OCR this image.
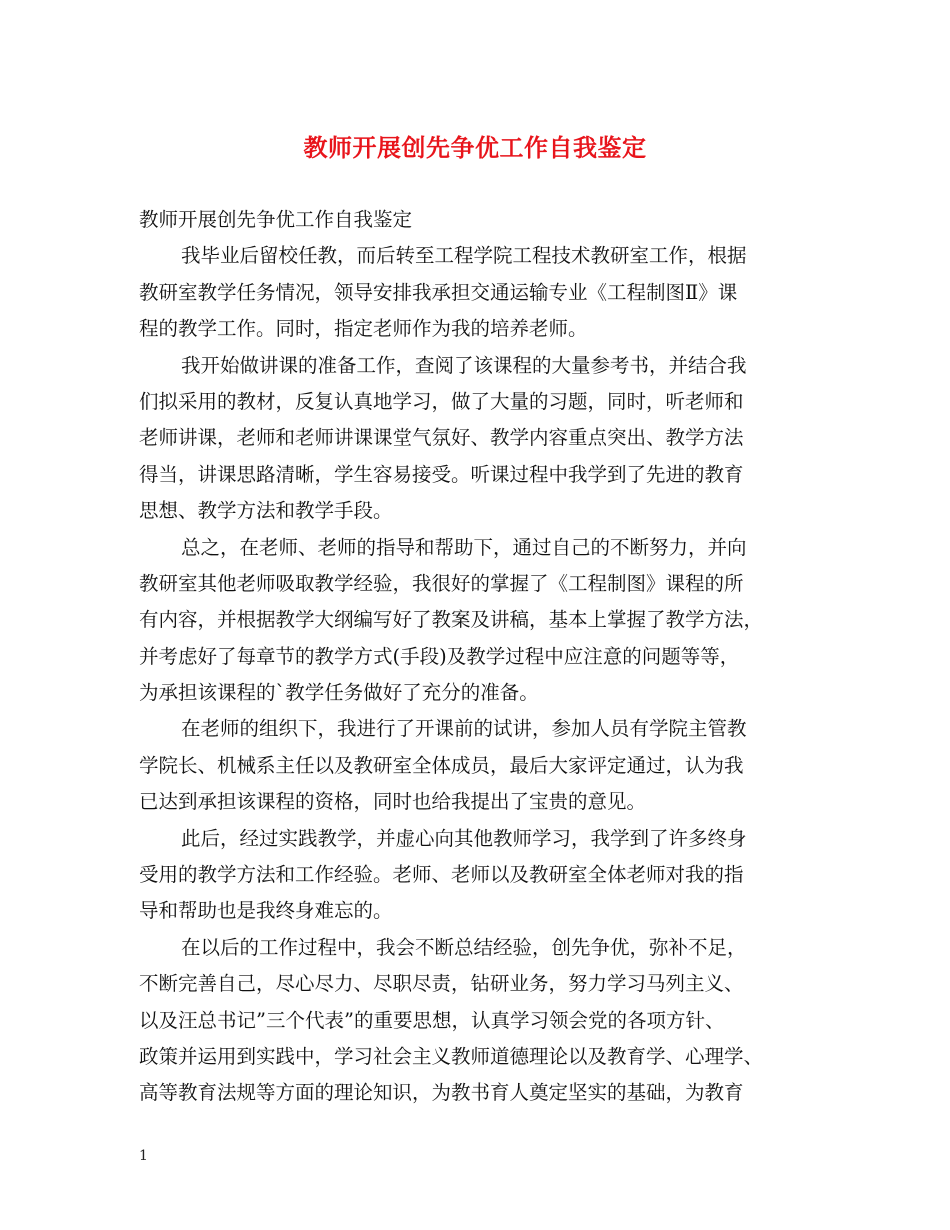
教师开展创先争优工作自我鉴定
教师开展创先争优工作自我鉴定
我毕业后留校任教，而后转至工程学院工程技术教研室工作，根据
教研室教学任务情况，领导安排我承担交通运输专业《工程制图Ⅱ》课
程的教学工作。同时，指定老师作为我的培养老师。
我开始做讲课的准备工作，查阅了该课程的大量参考书，并结合我
们拟采用的教材，反复认真地学习，做了大量的习题，同时，听老师和
老师讲课，老师和老师讲课课堂气氛好、教学内容重点突出、教学方法
得当，讲课思路清晰，学生容易接受。听课过程中我学到了先进的教育
思想、教学方法和教学手段。
总之，在老师、老师的指导和帮助下，通过自己的不断努力，并向
教研室其他老师吸取教学经验，我很好的掌握了《工程制图》课程的所
有内容，并根据教学大纲编写好了教案及讲稿，基本上掌握了教学方法，
并考虑好了每章节的教学方式(手段)及教学过程中应注意的问题等等，
为承担该课程的`教学任务做好了充分的准备。
在老师的组织下，我进行了开课前的试讲，参加人员有学院主管教
学院长、机械系主任以及教研室全体成员，最后大家评定通过，认为我
已达到承担该课程的资格，同时也给我提出了宝贵的意见。
此后，经过实践教学，并虚心向其他教师学习，我学到了许多终身
受用的教学方法和工作经验。老师、老师以及教研室全体老师对我的指
导和帮助也是我终身难忘的。
在以后的工作过程中，我会不断总结经验，创先争优，弥补不足，
不断完善自己，尽心尽力、尽职尽责，钻研业务，努力学习马列主义、
以及汪总书记”三个代表”的重要思想，认真学习领会党的各项方针、
政策并运用到实践中，学习社会主义教师道德理论以及教育学、心理学、
高等教育法规等方面的理论知识，为教书育人奠定坚实的基础，为教育
1
